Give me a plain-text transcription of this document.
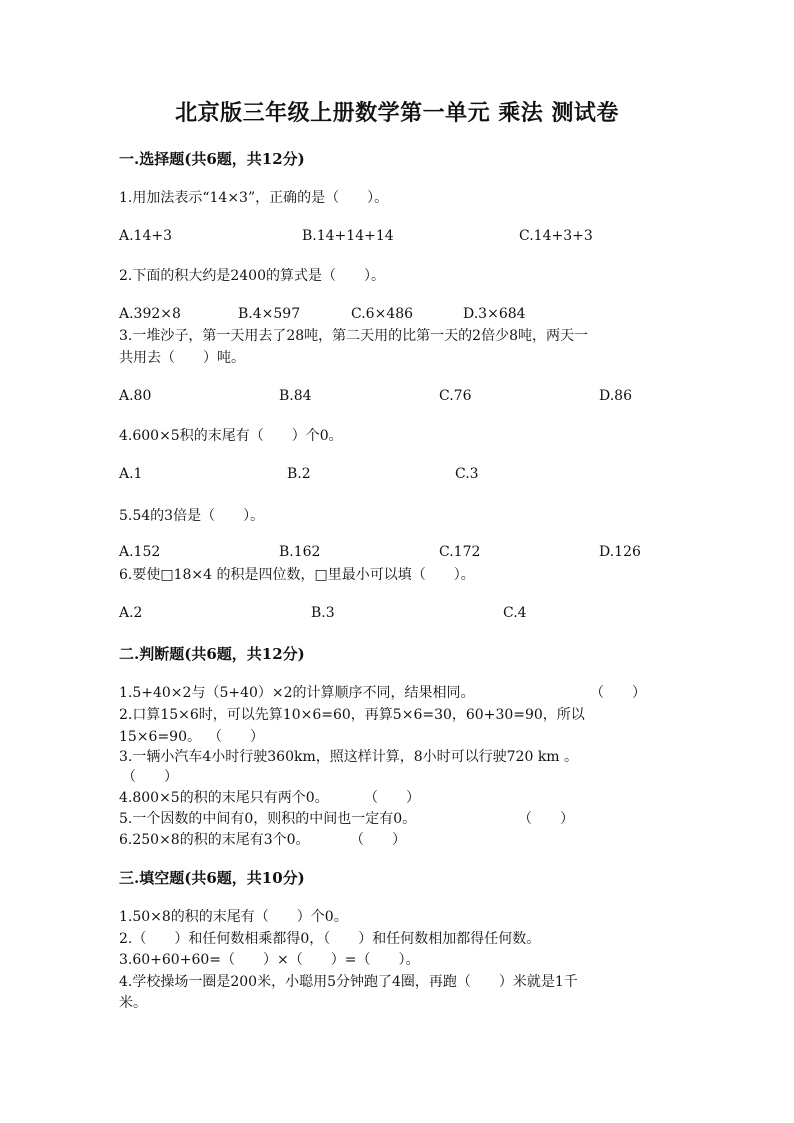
北京版三年级上册数学第一单元 乘法 测试卷
一.选择题(共6题，共12分)
1.用加法表示“14×3”，正确的是（　　）。
A.14+3	B.14+14+14	C.14+3+3
2.下面的积大约是2400的算式是（　　）。
A.392×8	B.4×597	C.6×486	D.3×684
3.一堆沙子，第一天用去了28吨，第二天用的比第一天的2倍少8吨，两天一
共用去（　　）吨。
A.80	B.84	C.76	D.86
4.600×5积的末尾有（　　）个0。
A.1	B.2	C.3
5.54的3倍是（　　）。
A.152	B.162	C.172	D.126
6.要使□18×4 的积是四位数，□里最小可以填（　　）。
A.2	B.3	C.4
二.判断题(共6题，共12分)
1.5+40×2与（5+40）×2的计算顺序不同，结果相同。	（　　）
2.口算15×6时，可以先算10×6=60，再算5×6=30，60+30=90，所以
15×6=90。 （　　）
3.一辆小汽车4小时行驶360km，照这样计算，8小时可以行驶720 km 。
（　　）
4.800×5的积的末尾只有两个0。	（　　）
5.一个因数的中间有0，则积的中间也一定有0。	（　　）
6.250×8的积的末尾有3个0。	（　　）
三.填空题(共6题，共10分)
1.50×8的积的末尾有（　　）个0。
2.（　　）和任何数相乘都得0，（　　）和任何数相加都得任何数。
3.60+60+60=（　　）×（　　）=（　　）。
4.学校操场一圈是200米，小聪用5分钟跑了4圈，再跑（　　）米就是1千
米。
